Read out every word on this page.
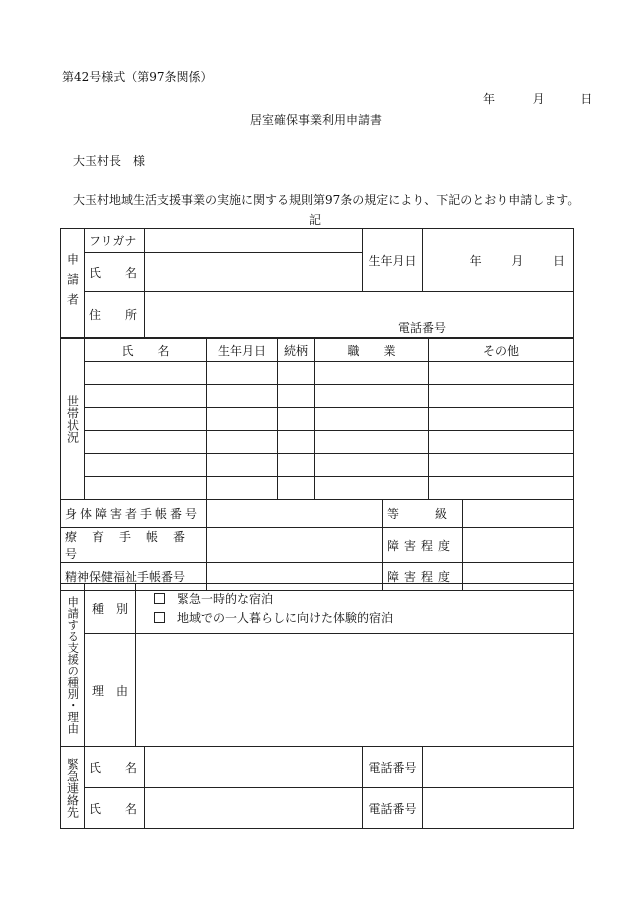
第42号様式（第97条関係）
年	月	日
居室確保事業利用申請書
大玉村長　様
大玉村地域生活支援事業の実施に関する規則第97条の規定により、下記のとおり申請します。
記
申請者	フリガナ		生年月日	年 月 日
	氏　　名			
	住　　所	電話番号		
世帯状況	氏　　名	生年月日	続柄	職　　業	その他

身体障害者手帳番号		等　　　級	
療育手帳番号		障害程度	
精神保健福祉手帳番号		障害程度	
申請する支援の種別・理由	種　別	緊急一時的な宿泊
地域での一人暮らしに向けた体験的宿泊

	理　由	
緊急連絡先	氏　　名		電話番号	
	氏　　名		電話番号	
